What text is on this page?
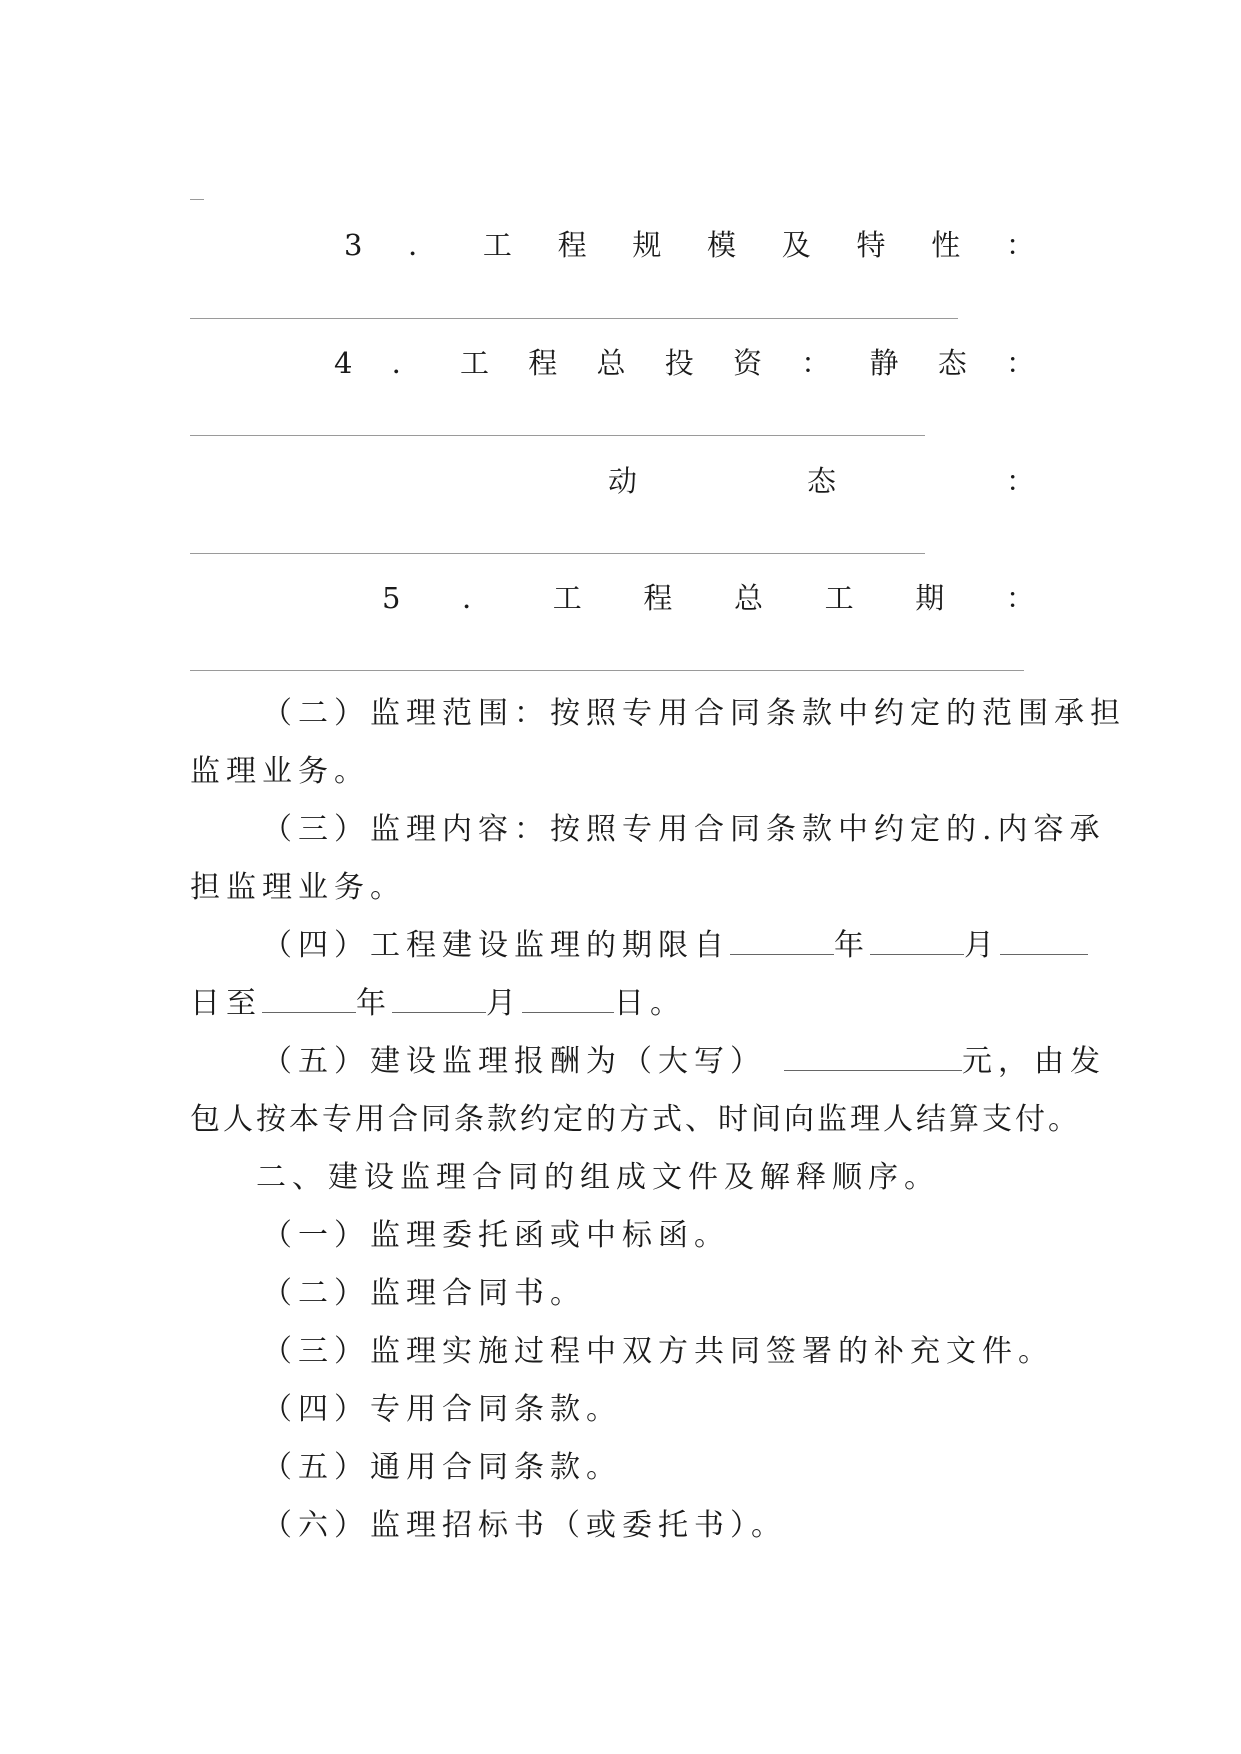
3 ． 工 程 规 模 及 特 性 ：
4 ． 工 程 总 投 资 ： 静 态 ：
动	态	：
5 ． 工 程 总 工 期 ：

（二）监理范围：按照专用合同条款中约定的范围承担

监理业务。

（三）监理内容：按照专用合同条款中约定的.内容承

担监理业务。

（四）工程建设监理的期限自	年	月

日至	年	月	日。

（五）建设监理报酬为（大写）	元，由发

包人按本专用合同条款约定的方式、时间向监理人结算支付。

二、建设监理合同的组成文件及解释顺序。

（一）监理委托函或中标函。

（二）监理合同书。

（三）监理实施过程中双方共同签署的补充文件。

（四）专用合同条款。

（五）通用合同条款。

（六）监理招标书（或委托书）。
